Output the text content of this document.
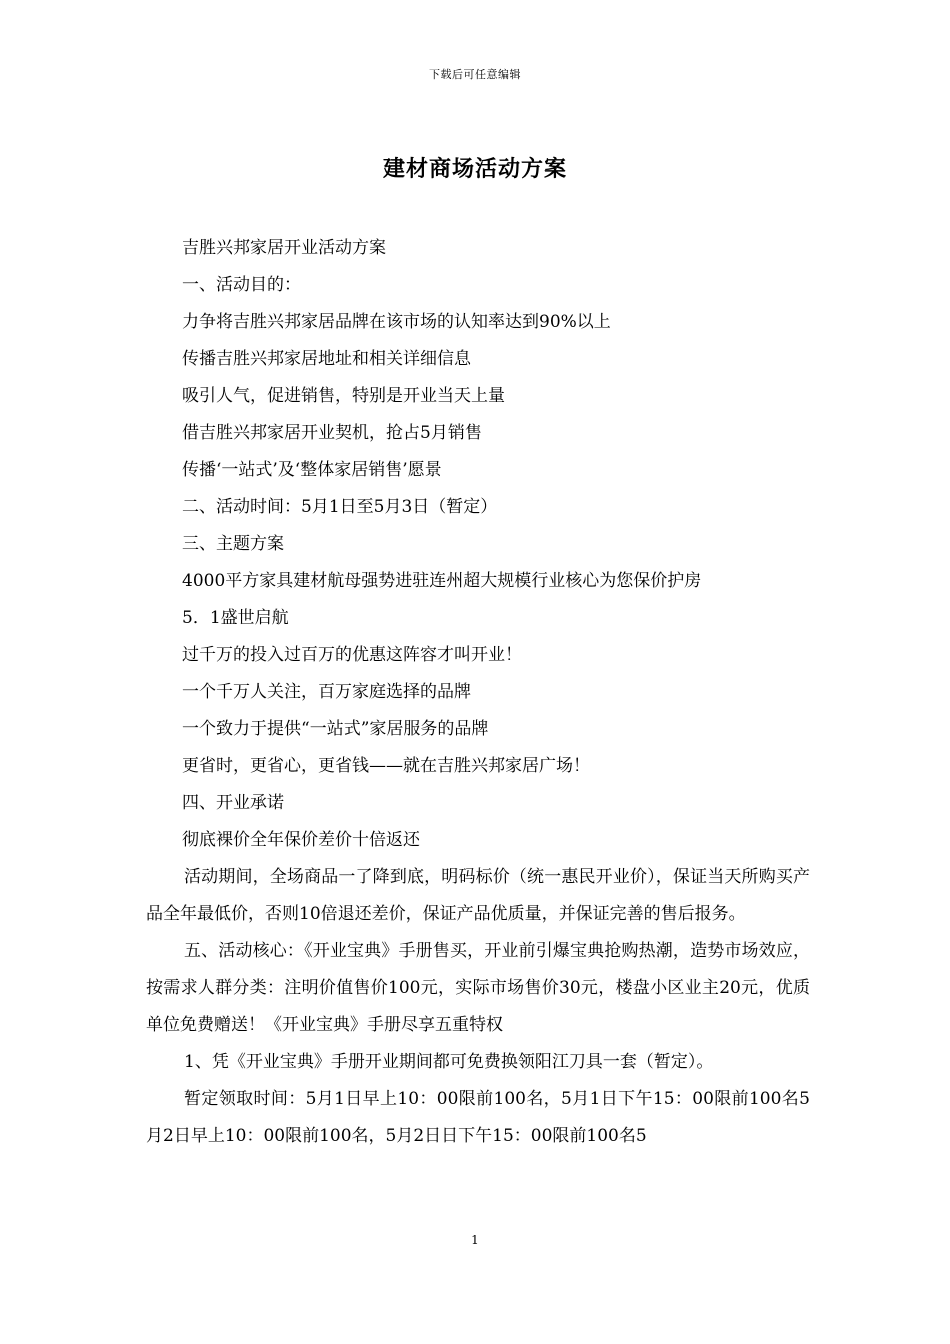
下载后可任意编辑
建材商场活动方案

吉胜兴邦家居开业活动方案

一、活动目的：

力争将吉胜兴邦家居品牌在该市场的认知率达到90%以上

传播吉胜兴邦家居地址和相关详细信息

吸引人气，促进销售，特别是开业当天上量

借吉胜兴邦家居开业契机，抢占5月销售

传播‘一站式’及‘整体家居销售’愿景

二、活动时间：5月1日至5月3日（暂定）

三、主题方案

4000平方家具建材航母强势进驻连州超大规模行业核心为您保价护房

5．1盛世启航

过千万的投入过百万的优惠这阵容才叫开业！

一个千万人关注，百万家庭选择的品牌

一个致力于提供“一站式”家居服务的品牌

更省时，更省心，更省钱——就在吉胜兴邦家居广场！

四、开业承诺

彻底裸价全年保价差价十倍返还

活动期间，全场商品一了降到底，明码标价（统一惠民开业价），保证当天所购买产品全年最低价，否则10倍退还差价，保证产品优质量，并保证完善的售后报务。

五、活动核心：《开业宝典》手册售买，开业前引爆宝典抢购热潮，造势市场效应，按需求人群分类：注明价值售价100元，实际市场售价30元，楼盘小区业主20元，优质单位免费赠送！《开业宝典》手册尽享五重特权

1、凭《开业宝典》手册开业期间都可免费换领阳江刀具一套（暂定）。

暂定领取时间：5月1日早上10：00限前100名，5月1日下午15：00限前100名5月2日早上10：00限前100名，5月2日日下午15：00限前100名5

1
